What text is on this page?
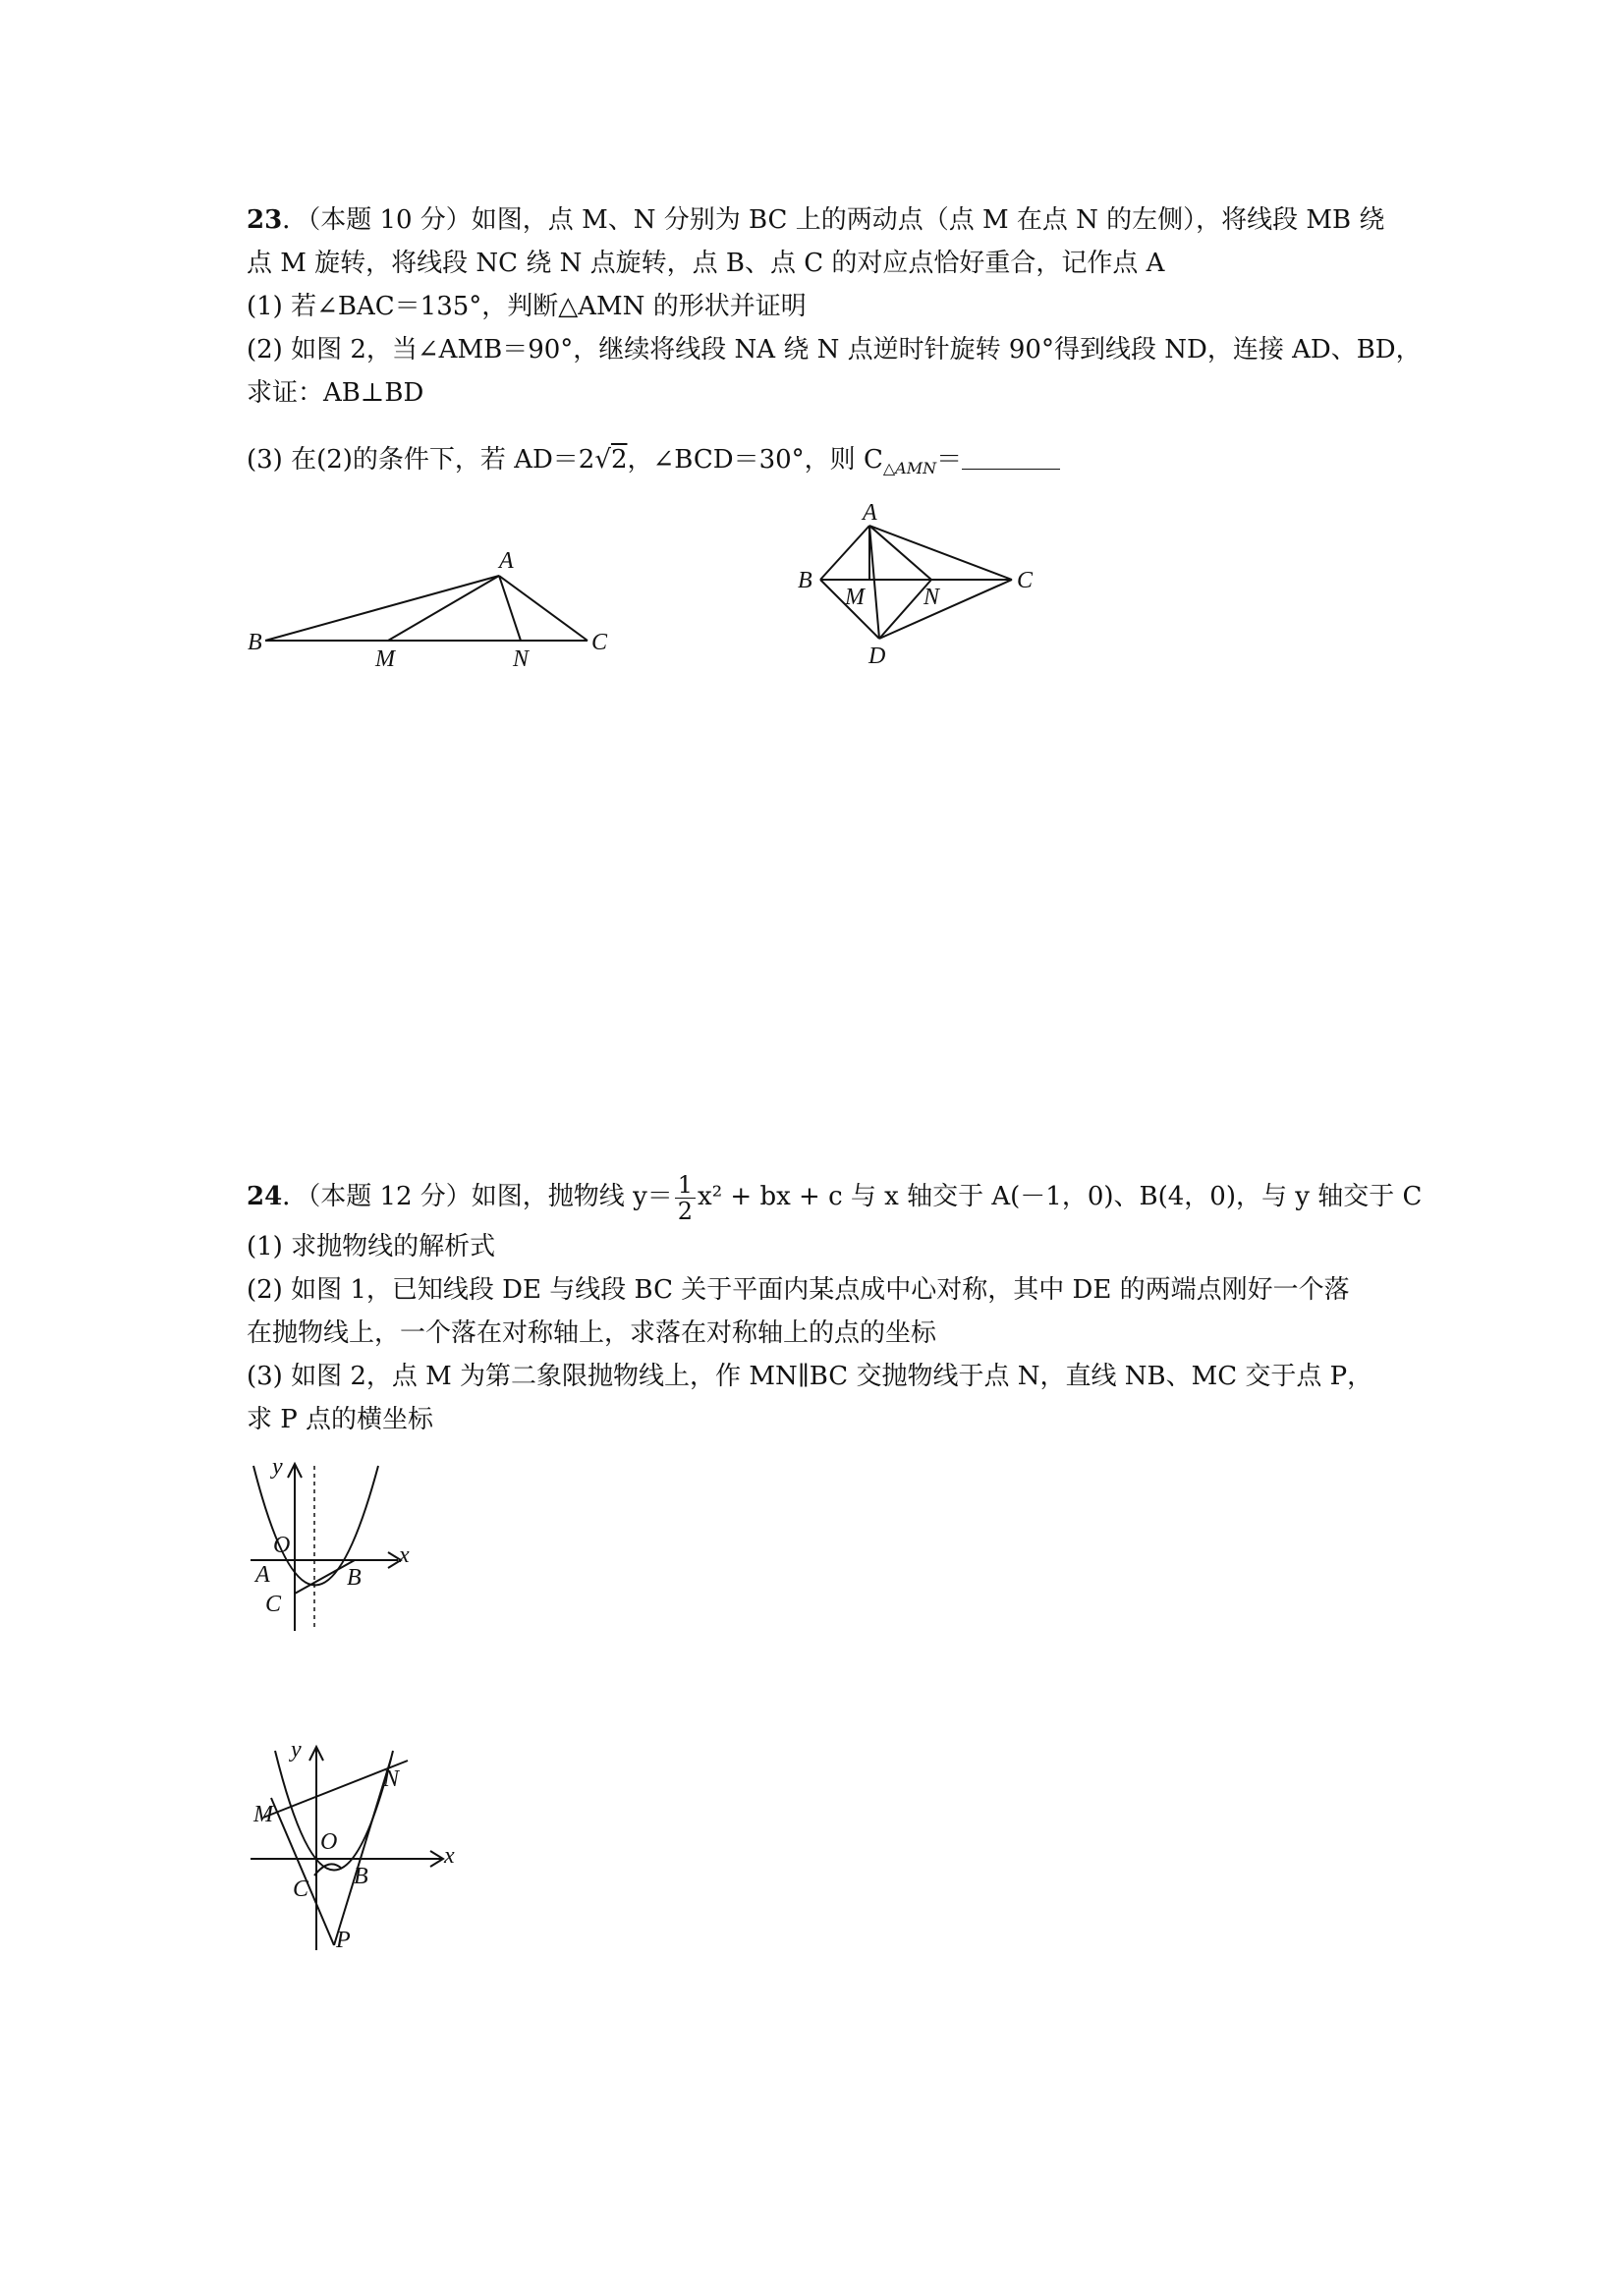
23．（本题 10 分）如图，点 M、N 分别为 BC 上的两动点（点 M 在点 N 的左侧），将线段 MB 绕
点 M 旋转，将线段 NC 绕 N 点旋转，点 B、点 C 的对应点恰好重合，记作点 A
(1) 若∠BAC＝135°，判断△AMN 的形状并证明
(2) 如图 2，当∠AMB＝90°，继续将线段 NA 绕 N 点逆时针旋转 90°得到线段 ND，连接 AD、BD，
求证：AB⊥BD
(3) 在(2)的条件下，若 AD＝2√2，∠BCD＝30°，则 $C_{\triangle AMN}=$
A
B
M	N
C
A
B
M	N
C
D
24．（本题 12 分）如图，抛物线 $y= \frac{1}{2} x^2$ + bx + c 与 x 轴交于 A(－1，0)、B(4，0)，与 y 轴交于 C
(1) 求抛物线的解析式
(2) 如图 1，已知线段 DE 与线段 BC 关于平面内某点成中心对称，其中 DE 的两端点刚好一个落
在抛物线上，一个落在对称轴上，求落在对称轴上的点的坐标
(3) 如图 2，点 M 为第二象限抛物线上，作 MN∥BC 交抛物线于点 N，直线 NB、MC 交于点 P，
求 P 点的横坐标
y
x
O
A	B
C
y
x
O
M
N
B
C
P
